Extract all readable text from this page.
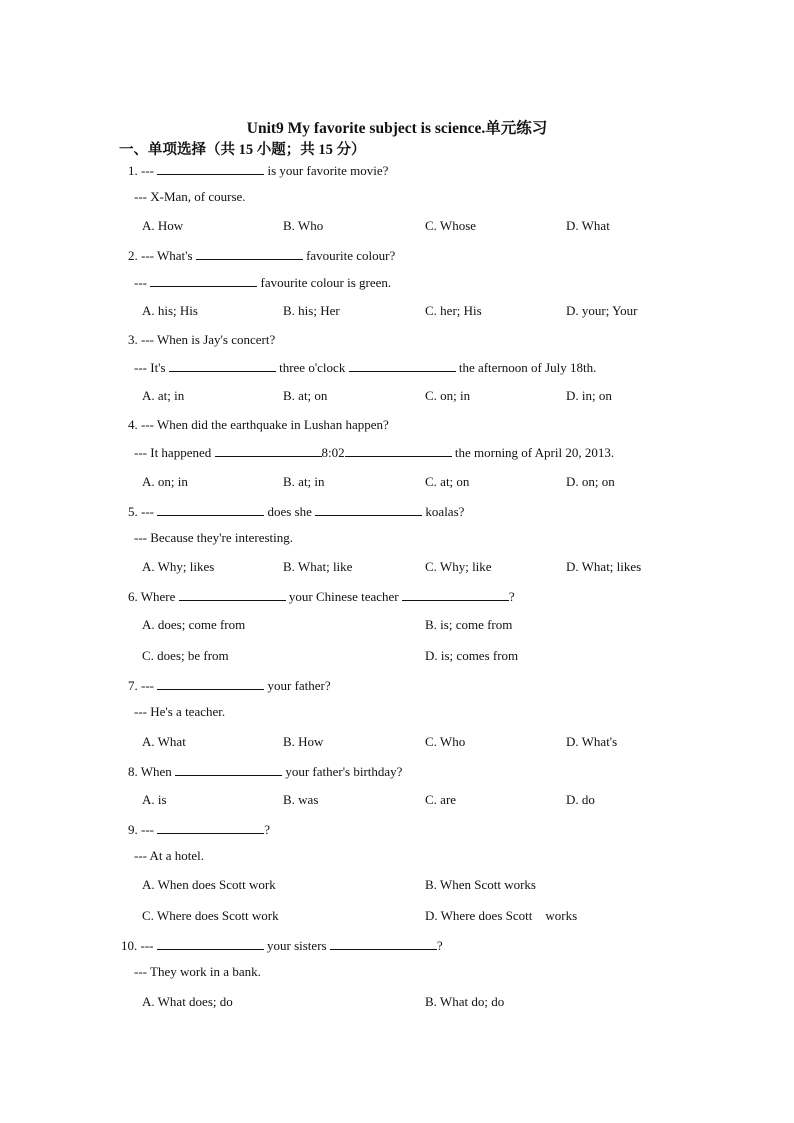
Unit9 My favorite subject is science.单元练习
一、单项选择（共 15 小题；共 15 分）
1. ---	is your favorite movie?
--- X-Man, of course.
A. How	B. Who	C. Whose	D. What
2. --- What's	favourite colour?
---	favourite colour is green.
A. his; His	B. his; Her	C. her; His	D. your; Your
3. --- When is Jay's concert?
--- It's	three o'clock	the afternoon of July 18th.
A. at; in	B. at; on	C. on; in	D. in; on
4. --- When did the earthquake in Lushan happen?
--- It happened	8:02	the morning of April 20, 2013.
A. on; in	B. at; in	C. at; on	D. on; on
5. ---	does she	koalas?
--- Because they're interesting.
A. Why; likes	B. What; like	C. Why; like	D. What; likes
6. Where	your Chinese teacher	?
A. does; come from	B. is; come from
C. does; be from	D. is; comes from
7. ---	your father?
--- He's a teacher.
A. What	B. How	C. Who	D. What's
8. When	your father's birthday?
A. is	B. was	C. are	D. do
9. ---	?
--- At a hotel.
A. When does Scott work	B. When Scott works
C. Where does Scott work	D. Where does Scott    works
10. ---	your sisters	?
--- They work in a bank.
A. What does; do	B. What do; do
